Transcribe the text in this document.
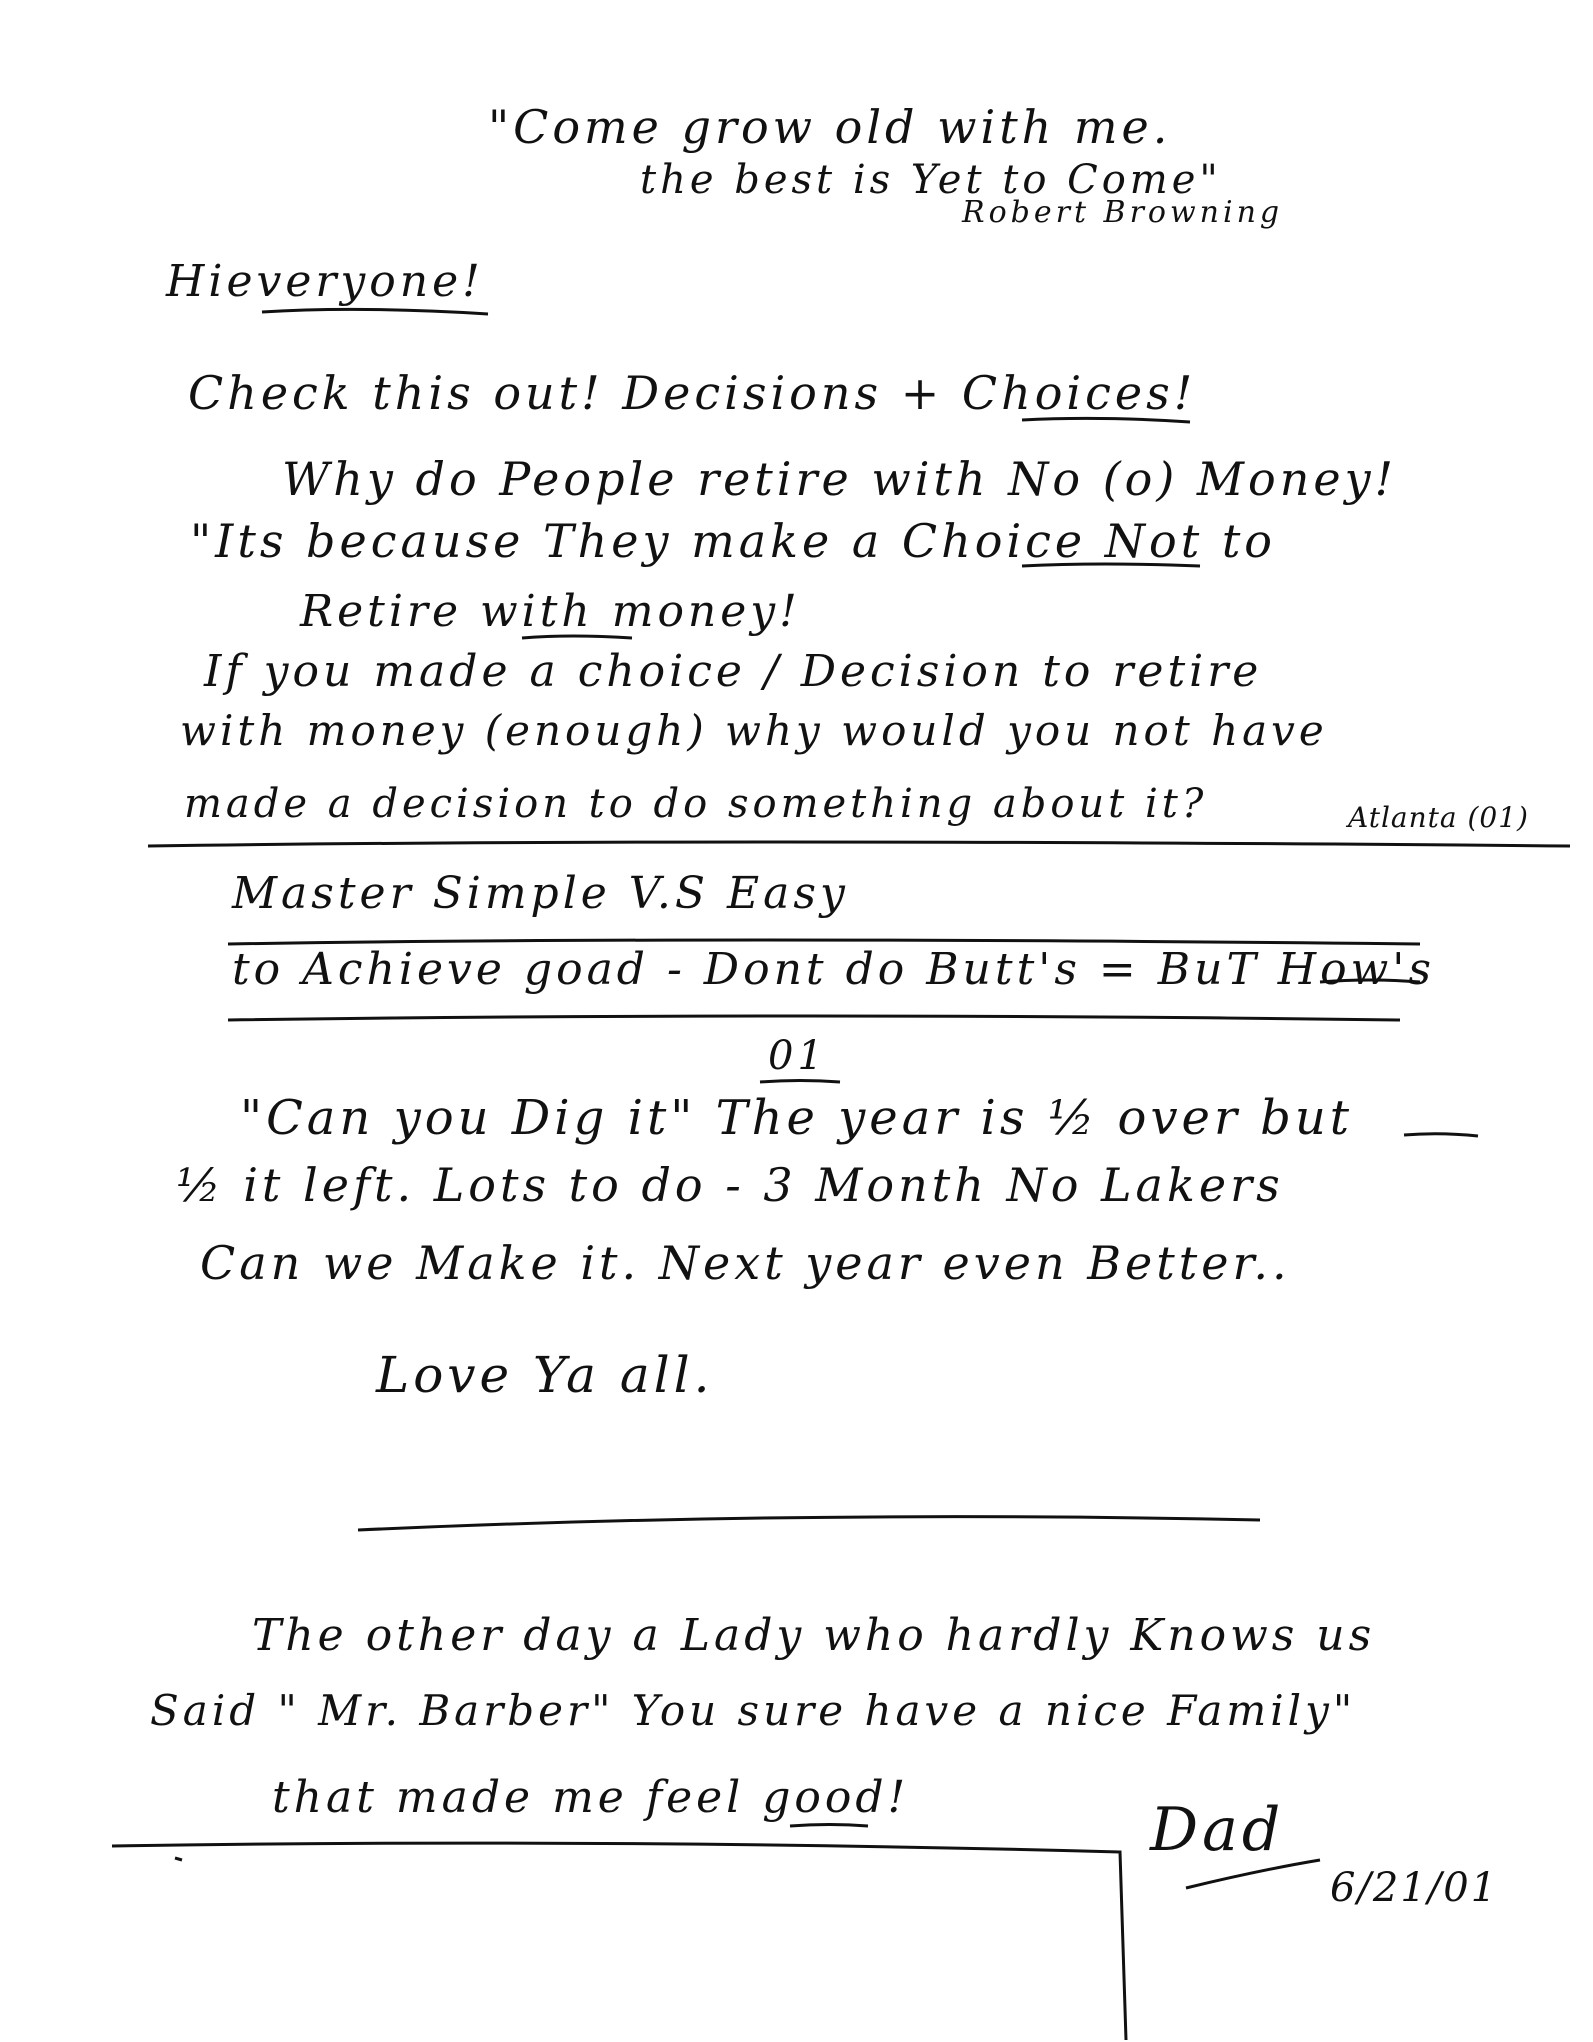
"Come grow old with me.
the best is Yet to Come"
Robert Browning
Hieveryone!
Check this out! Decisions + Choices!
Why do People retire with No (o) Money!
"Its because They make a Choice Not to
Retire with money!
If you made a choice / Decision to retire
with money (enough) why would you not have
made a decision to do something about it?	Atlanta (01)
Master Simple V.S Easy
to Achieve goad - Dont do Butt's = BuT How's
01
"Can you Dig it" The year is ½ over but
½ it left. Lots to do - 3 Month No Lakers
Can we Make it. Next year even Better..
Love Ya all.
The other day a Lady who hardly Knows us
Said " Mr. Barber" You sure have a nice Family"
that made me feel good!	Dad
6/21/01
